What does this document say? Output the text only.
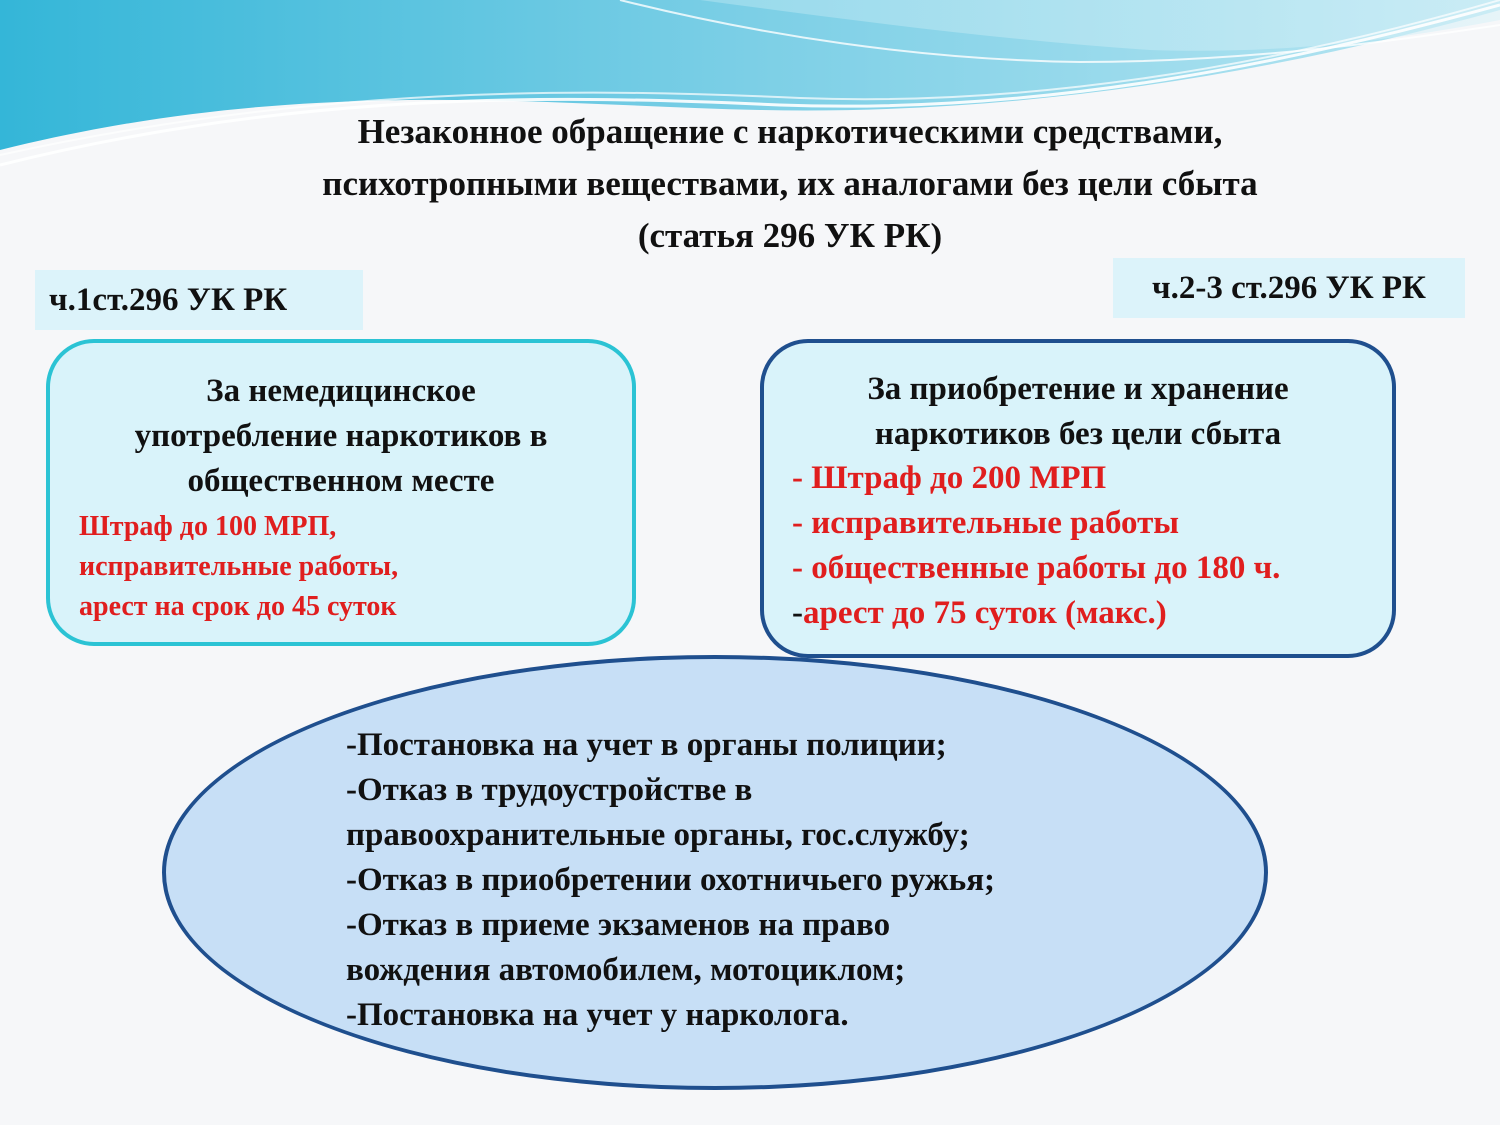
Незаконное обращение с наркотическими средствами,
психотропными веществами, их аналогами без цели сбыта
(статья 296 УК РК)
ч.1ст.296 УК РК	ч.2-3 ст.296 УК РК
За немедицинское
употребление наркотиков в
общественном месте
Штраф до 100 МРП,
исправительные работы,
арест на срок до 45 суток
За приобретение и хранение
наркотиков без цели сбыта
- Штраф до 200 МРП
- исправительные работы
- общественные работы до 180 ч.
-арест до 75 суток (макс.)
-Постановка на учет в органы полиции;
-Отказ в трудоустройстве в
правоохранительные органы, гос.службу;
-Отказ в приобретении охотничьего ружья;
-Отказ в приеме экзаменов на право
вождения автомобилем, мотоциклом;
-Постановка на учет у нарколога.
